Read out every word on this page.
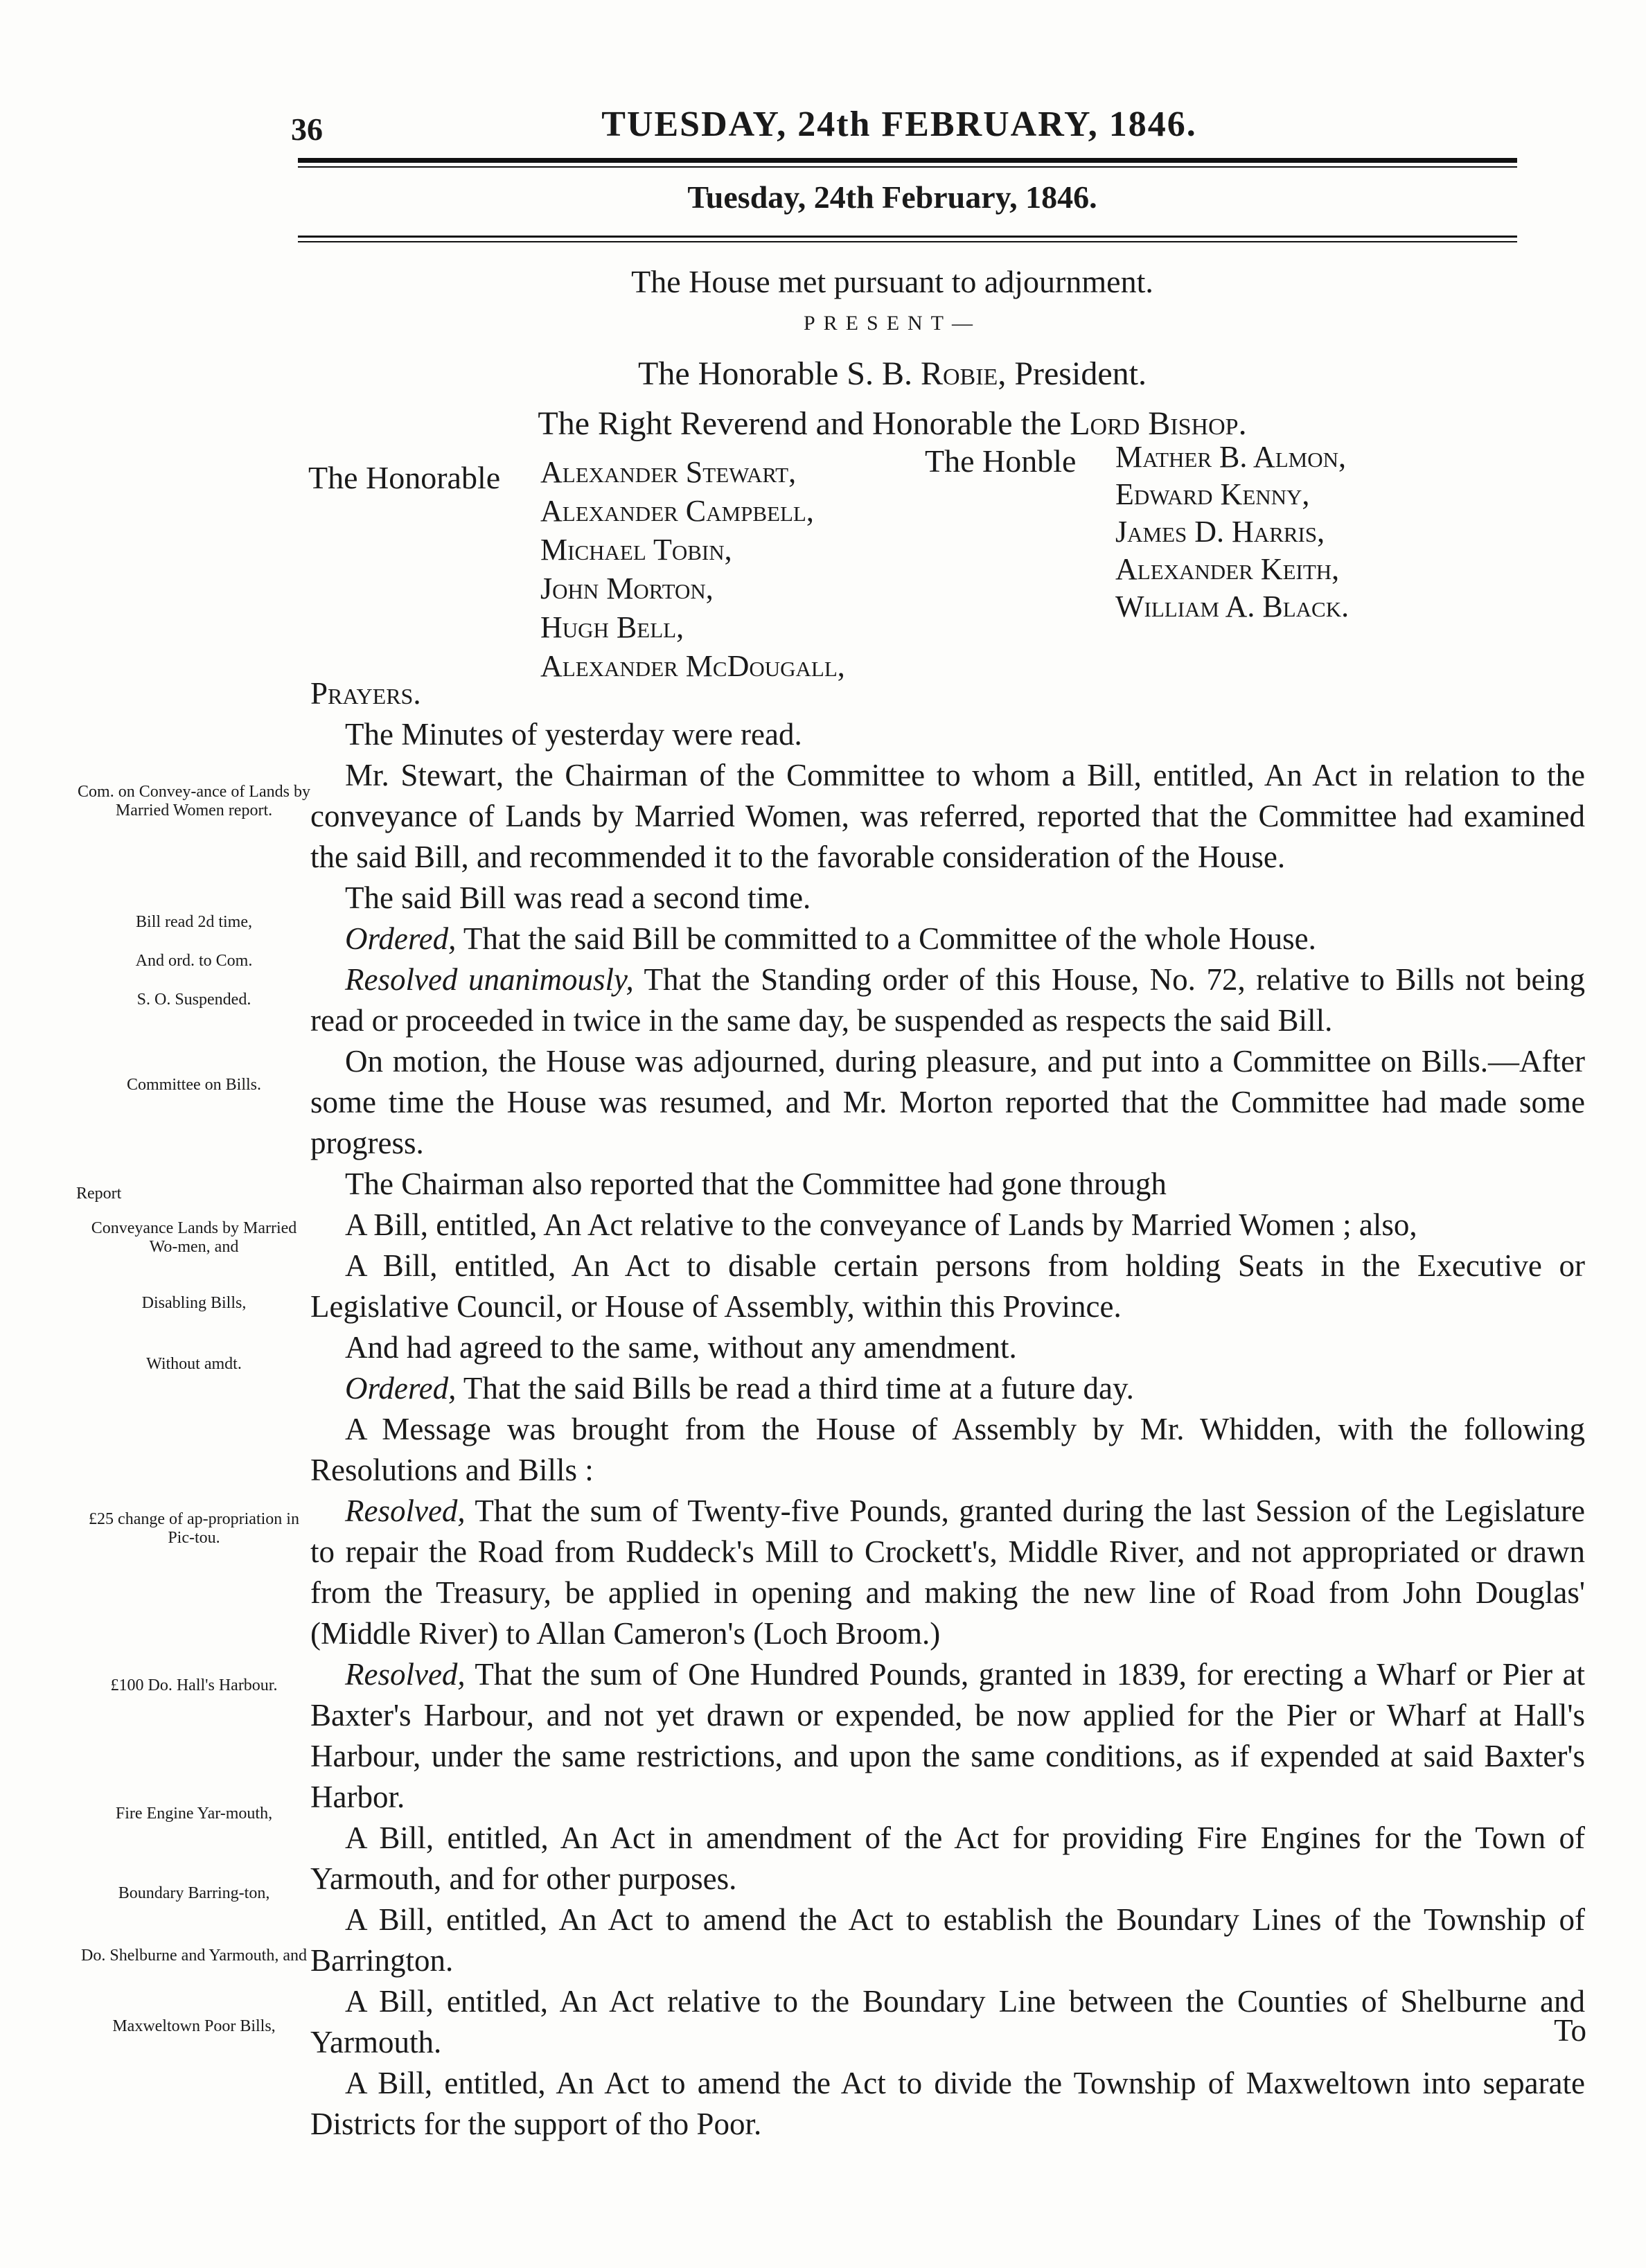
36	TUESDAY, 24th FEBRUARY, 1846.
Tuesday, 24th February, 1846.
The House met pursuant to adjournment.
PRESENT—
The Honorable S. B. Robie, President.
The Right Reverend and Honorable the Lord Bishop.
The Honorable Alexander Stewart,
Alexander Campbell,
Michael Tobin,
John Morton,
Hugh Bell,
Alexander McDougall,
The Honble Mather B. Almon,
Edward Kenny,
James D. Harris,
Alexander Keith,
William A. Black.

Prayers.

The Minutes of yesterday were read.

Mr. Stewart, the Chairman of the Committee to whom a Bill, entitled, An Act in relation to the conveyance of Lands by Married Women, was referred, reported that the Committee had examined the said Bill, and recommended it to the favorable consideration of the House.

The said Bill was read a second time.

Ordered, That the said Bill be committed to a Committee of the whole House.

Resolved unanimously, That the Standing order of this House, No. 72, relative to Bills not being read or proceeded in twice in the same day, be suspended as respects the said Bill.

On motion, the House was adjourned, during pleasure, and put into a Committee on Bills.—After some time the House was resumed, and Mr. Morton reported that the Committee had made some progress.

The Chairman also reported that the Committee had gone through

A Bill, entitled, An Act relative to the conveyance of Lands by Married Women ; also,

A Bill, entitled, An Act to disable certain persons from holding Seats in the Executive or Legislative Council, or House of Assembly, within this Province.

And had agreed to the same, without any amendment.

Ordered, That the said Bills be read a third time at a future day.

A Message was brought from the House of Assembly by Mr. Whidden, with the following Resolutions and Bills :

Resolved, That the sum of Twenty-five Pounds, granted during the last Session of the Legislature to repair the Road from Ruddeck's Mill to Crockett's, Middle River, and not appropriated or drawn from the Treasury, be applied in opening and making the new line of Road from John Douglas' (Middle River) to Allan Cameron's (Loch Broom.)

Resolved, That the sum of One Hundred Pounds, granted in 1839, for erecting a Wharf or Pier at Baxter's Harbour, and not yet drawn or expended, be now applied for the Pier or Wharf at Hall's Harbour, under the same restrictions, and upon the same conditions, as if expended at said Baxter's Harbor.

A Bill, entitled, An Act in amendment of the Act for providing Fire Engines for the Town of Yarmouth, and for other purposes.

A Bill, entitled, An Act to amend the Act to establish the Boundary Lines of the Township of Barrington.

A Bill, entitled, An Act relative to the Boundary Line between the Counties of Shelburne and Yarmouth.

A Bill, entitled, An Act to amend the Act to divide the Township of Maxweltown into separate Districts for the support of tho Poor.

To
Com. on Convey-ance of Lands by Married Women report.
Bill read 2d time,
And ord. to Com.
S. O. Suspended.
Committee on Bills.
Report
Conveyance Lands by Married Wo-men, and
Disabling Bills,
Without amdt.
£25 change of ap-propriation in Pic-tou.
£100 Do. Hall's Harbour.
Fire Engine Yar-mouth,
Boundary Barring-ton,
Do. Shelburne and Yarmouth, and
Maxweltown Poor Bills,
